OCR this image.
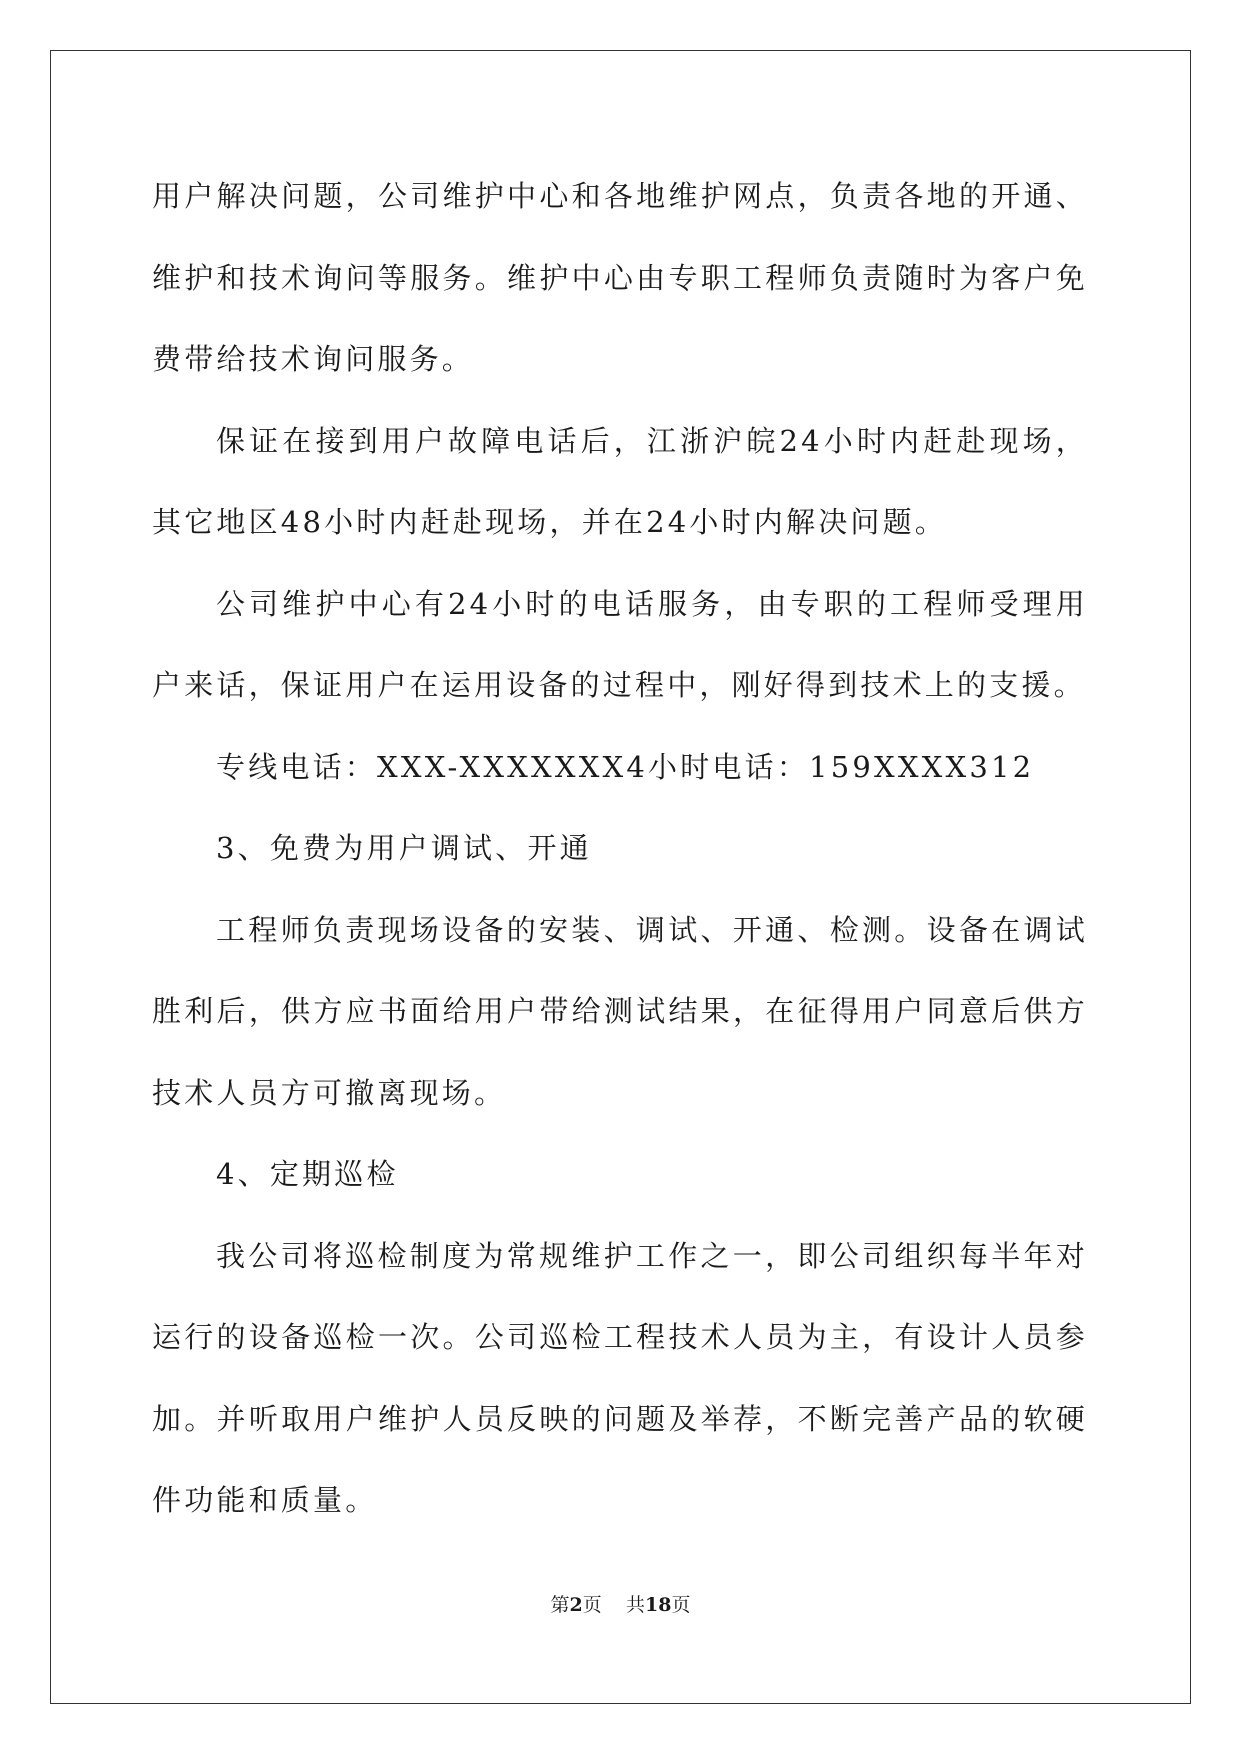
用户解决问题，公司维护中心和各地维护网点，负责各地的开通、维护和技术询问等服务。维护中心由专职工程师负责随时为客户免费带给技术询问服务。

保证在接到用户故障电话后，江浙沪皖24小时内赶赴现场，其它地区48小时内赶赴现场，并在24小时内解决问题。

公司维护中心有24小时的电话服务，由专职的工程师受理用户来话，保证用户在运用设备的过程中，刚好得到技术上的支援。

专线电话：XXX-XXXXXXX4小时电话：159XXXX312

3、免费为用户调试、开通

工程师负责现场设备的安装、调试、开通、检测。设备在调试胜利后，供方应书面给用户带给测试结果，在征得用户同意后供方技术人员方可撤离现场。

4、定期巡检

我公司将巡检制度为常规维护工作之一，即公司组织每半年对运行的设备巡检一次。公司巡检工程技术人员为主，有设计人员参加。并听取用户维护人员反映的问题及举荐，不断完善产品的软硬件功能和质量。

第2页 共18页
